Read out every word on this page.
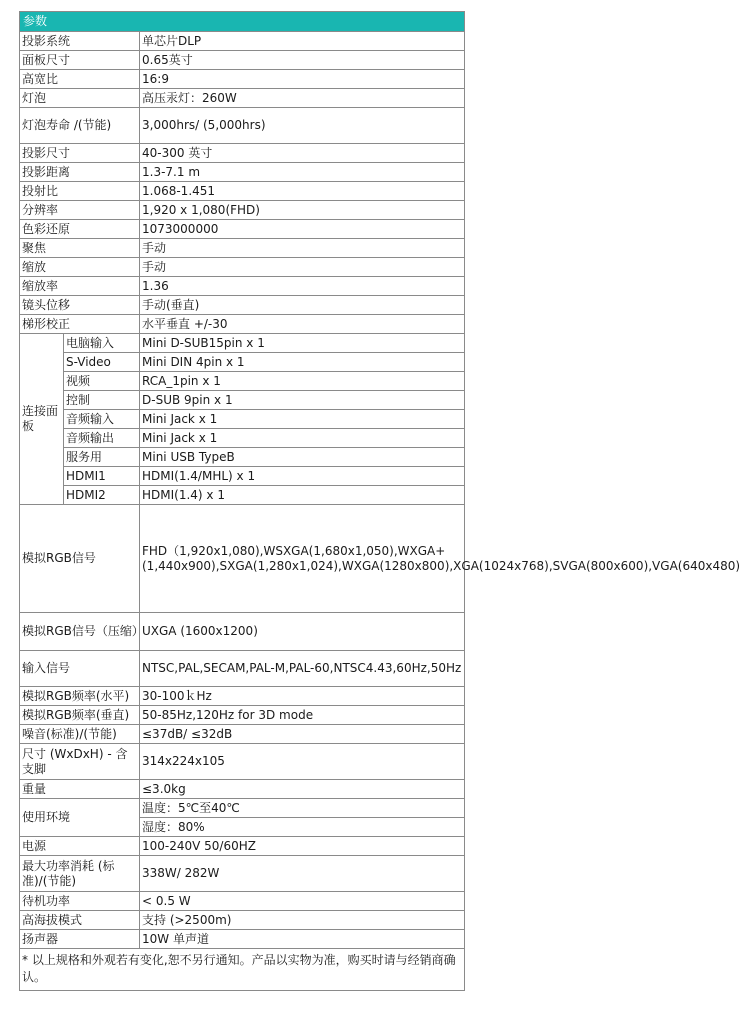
参数		
投影系统		单芯片DLP
面板尺寸		0.65英寸
高宽比		16:9
灯泡		高压汞灯：260W
灯泡寿命 /(节能)		3,000hrs/ (5,000hrs)
投影尺寸		40-300 英寸
投影距离		1.3-7.1 m
投射比		1.068-1.451
分辨率		1,920 x 1,080(FHD)
色彩还原		1073000000
聚焦		手动
缩放		手动
缩放率		1.36
镜头位移		手动(垂直)
梯形校正		水平垂直 +/-30
连接面板	电脑输入	Mini D-SUB15pin x 1
	S-Video	Mini DIN 4pin x 1
	视频	RCA_1pin x 1
	控制	D-SUB 9pin x 1
	音频输入	Mini Jack x 1
	音频输出	Mini Jack x 1
	服务用	Mini USB TypeB
	HDMI1	HDMI(1.4/MHL) x 1
	HDMI2	HDMI(1.4) x 1
模拟RGB信号		FHD（1,920x1,080),WSXGA(1,680x1,050),WXGA+(1,440x900),SXGA(1,280x1,024),WXGA(1280x800),XGA(1024x768),SVGA(800x600),VGA(640x480)
模拟RGB信号（压缩）		UXGA (1600x1200)
输入信号		NTSC,PAL,SECAM,PAL-M,PAL-60,NTSC4.43,60Hz,50Hz
模拟RGB频率(水平)		30-100ｋHz
模拟RGB频率(垂直)		50-85Hz,120Hz for 3D mode
噪音(标准)/(节能)		≤37dB/ ≤32dB
尺寸 (WxDxH) - 含支脚		314x224x105
重量		≤3.0kg
使用环境		温度：5℃至40℃
		湿度：80%
电源		100-240V 50/60HZ
最大功率消耗 (标准)/(节能)		338W/ 282W
待机功率		< 0.5 W
高海拔模式		支持 (>2500m)
扬声器		10W 单声道
* 以上规格和外观若有变化,恕不另行通知。产品以实物为准，购买时请与经销商确认。		
